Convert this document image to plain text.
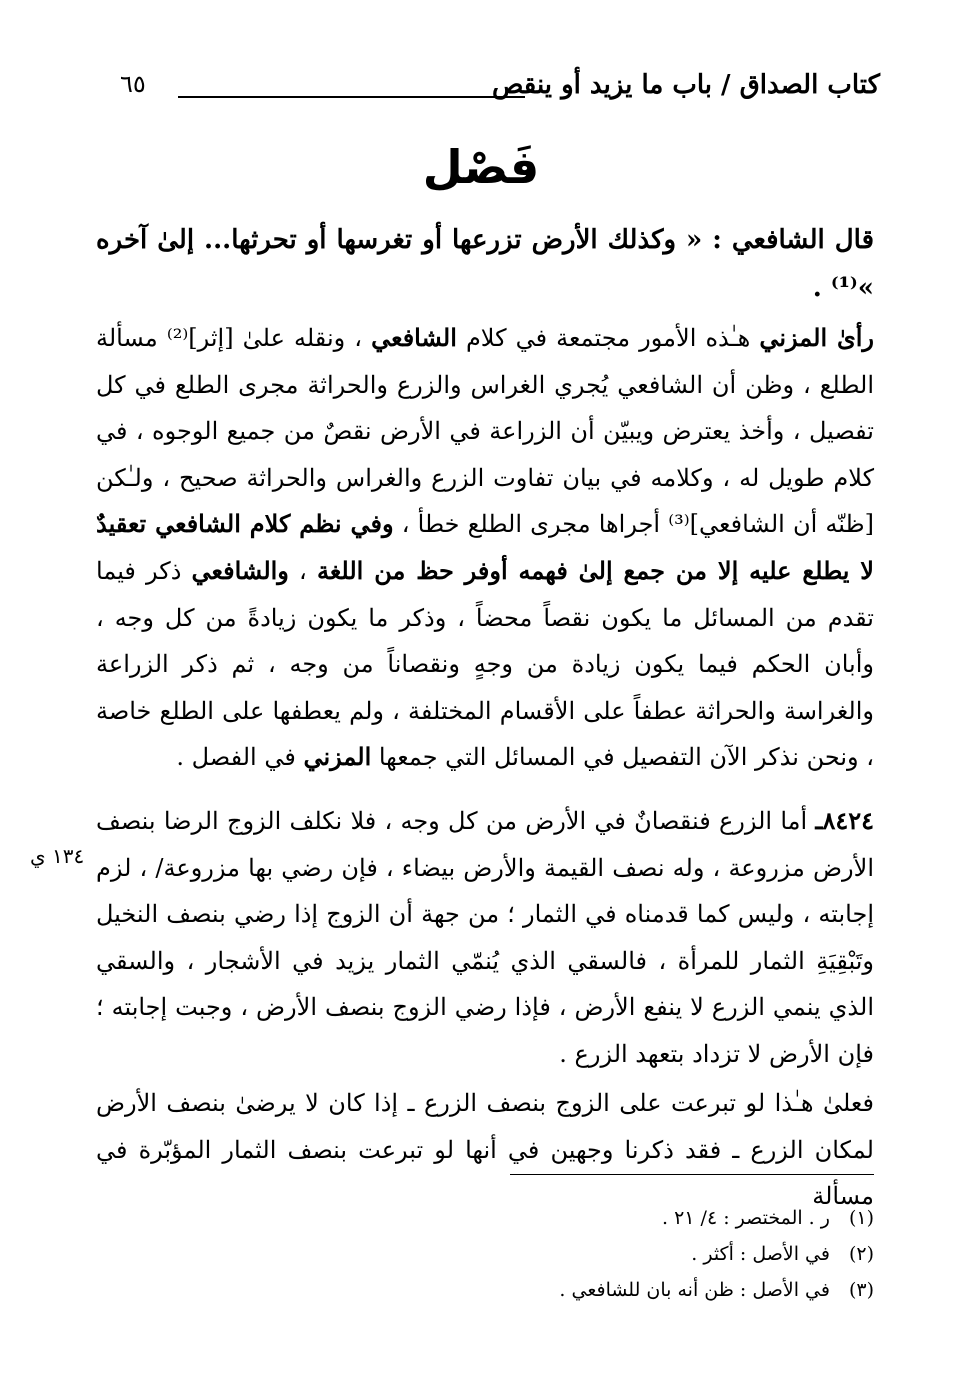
كتاب الصداق / باب ما يزيد أو ينقص
٦٥
فَصْل
قال الشافعي : « وكذلك الأرض تزرعها أو تغرسها أو تحرثها... إلىٰ آخره »⁽¹⁾ .

رأىٰ المزني هـٰذه الأمور مجتمعة في كلام الشافعي ، ونقله علىٰ [إثر]⁽²⁾ مسألة الطلع ، وظن أن الشافعي يُجري الغراس والزرع والحراثة مجرى الطلع في كل تفصيل ، وأخذ يعترض ويبيّن أن الزراعة في الأرض نقصٌ من جميع الوجوه ، في كلام طويل له ، وكلامه في بيان تفاوت الزرع والغراس والحراثة صحيح ، ولـٰكن [ظنّه أن الشافعي]⁽³⁾ أجراها مجرى الطلع خطأ ، وفي نظم كلام الشافعي تعقيدٌ لا يطلع عليه إلا من جمع إلىٰ فهمه أوفر حظ من اللغة ، والشافعي ذكر فيما تقدم من المسائل ما يكون نقصاً محضاً ، وذكر ما يكون زيادةً من كل وجه ، وأبان الحكم فيما يكون زيادة من وجهٍ ونقصاناً من وجه ، ثم ذكر الزراعة والغراسة والحراثة عطفاً على الأقسام المختلفة ، ولم يعطفها على الطلع خاصة ، ونحن نذكر الآن التفصيل في المسائل التي جمعها المزني في الفصل .

٨٤٢٤ـ أما الزرع فنقصانٌ في الأرض من كل وجه ، فلا نكلف الزوج الرضا بنصف الأرض مزروعة ، وله نصف القيمة والأرض بيضاء ، فإن رضي بها مزروعة/ ، لزم إجابته ، وليس كما قدمناه في الثمار ؛ من جهة أن الزوج إذا رضي بنصف النخيل وتَبْقِيَةِ الثمار للمرأة ، فالسقي الذي يُنمّي الثمار يزيد في الأشجار ، والسقي الذي ينمي الزرع لا ينفع الأرض ، فإذا رضي الزوج بنصف الأرض ، وجبت إجابته ؛ فإن الأرض لا تزداد بتعهد الزرع .

١٣٤ ي

فعلىٰ هـٰذا لو تبرعت على الزوج بنصف الزرع ـ إذا كان لا يرضىٰ بنصف الأرض لمكان الزرع ـ فقد ذكرنا وجهين في أنها لو تبرعت بنصف الثمار المؤبّرة في مسألة

(١) ر . المختصر : ٤/ ٢١ .
(٢) في الأصل : أكثر .
(٣) في الأصل : ظن أنه بان للشافعي .
